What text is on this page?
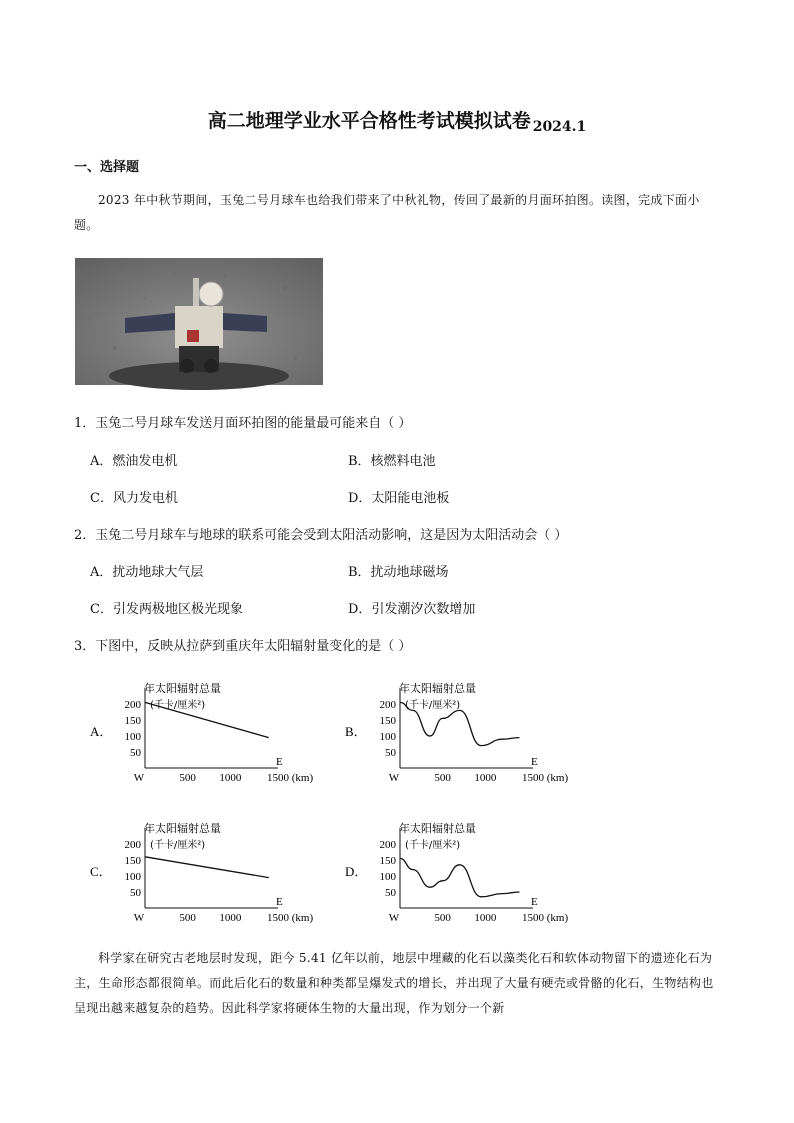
高二地理学业水平合格性考试模拟试卷 $_{2024.1}$
一、选择题
2023 年中秋节期间，玉兔二号月球车也给我们带来了中秋礼物，传回了最新的月面环拍图。读图，完成下面小题。
1．玉兔二号月球车发送月面环拍图的能量最可能来自（ ）
A．燃油发电机	B．核燃料电池
C．风力发电机	D．太阳能电池板
2．玉兔二号月球车与地球的联系可能会受到太阳活动影响，这是因为太阳活动会（ ）
A．扰动地球大气层	B．扰动地球磁场
C．引发两极地区极光现象	D．引发潮汐次数增加
3．下图中，反映从拉萨到重庆年太阳辐射量变化的是（ ）
A．
年太阳辐射总量
(千卡/厘米²)
200
150
100
50
W	500 1000 1500 (km)
E
B．
年太阳辐射总量
(千卡/厘米²)
200
150
100
50
W	500 1000 1500 (km)
E
C．
年太阳辐射总量
(千卡/厘米²)
200
150
100
50
W	500 1000 1500 (km)
E
D．
年太阳辐射总量
(千卡/厘米²)
200
150
100
50
W	500 1000 1500 (km)
E
科学家在研究古老地层时发现，距今 5.41 亿年以前，地层中埋藏的化石以藻类化石和软体动物留下的遗迹化石为主，生命形态都很简单。而此后化石的数量和种类都呈爆发式的增长，并出现了大量有硬壳或骨骼的化石，生物结构也呈现出越来越复杂的趋势。因此科学家将硬体生物的大量出现，作为划分一个新
